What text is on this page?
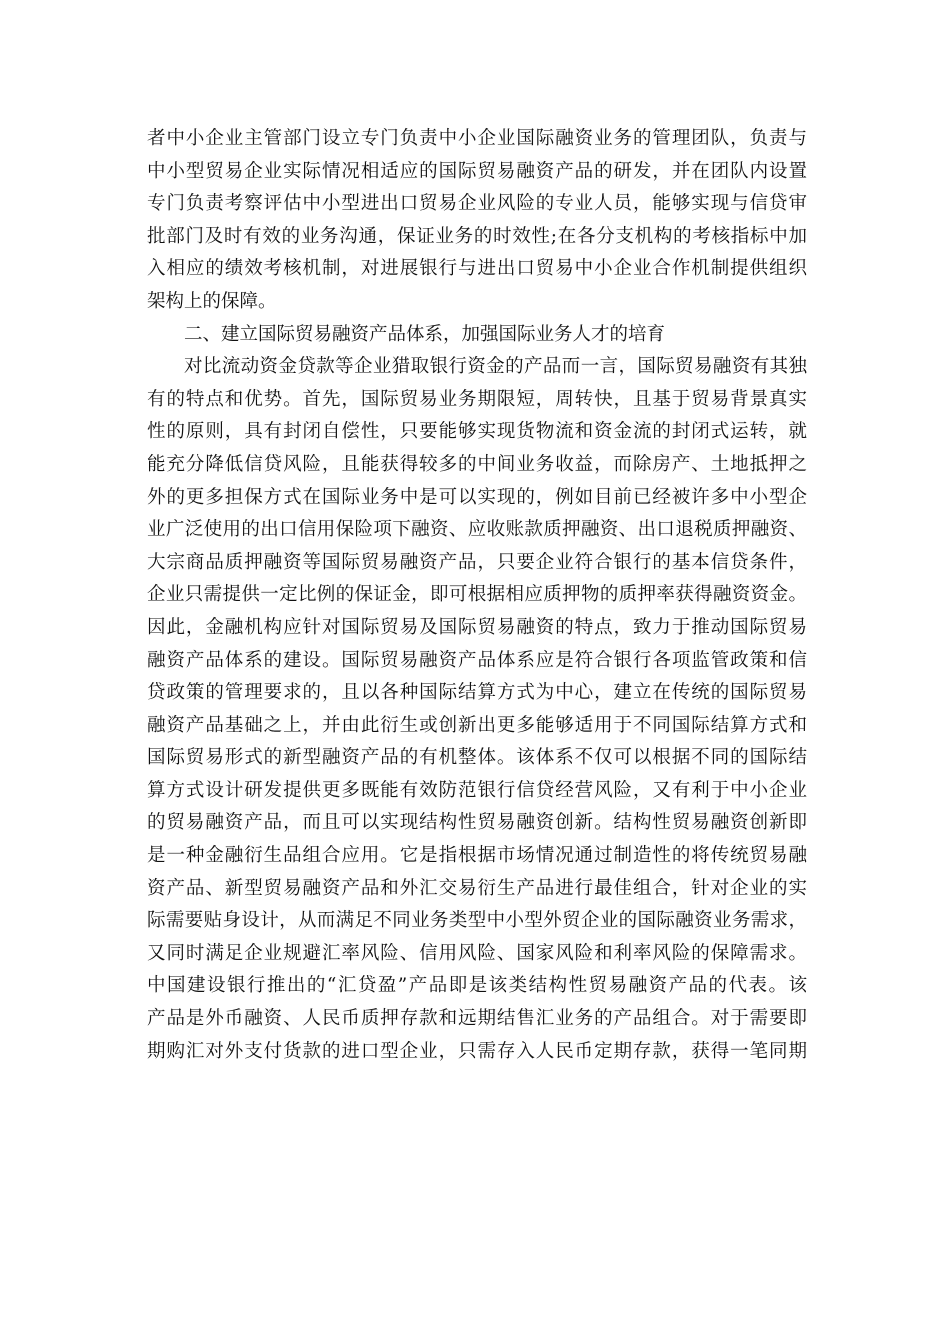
者中小企业主管部门设立专门负责中小企业国际融资业务的管理团队，负责与
中小型贸易企业实际情况相适应的国际贸易融资产品的研发，并在团队内设置
专门负责考察评估中小型进出口贸易企业风险的专业人员，能够实现与信贷审
批部门及时有效的业务沟通，保证业务的时效性;在各分支机构的考核指标中加
入相应的绩效考核机制，对进展银行与进出口贸易中小企业合作机制提供组织
架构上的保障。
二、建立国际贸易融资产品体系，加强国际业务人才的培育
对比流动资金贷款等企业猎取银行资金的产品而一言，国际贸易融资有其独
有的特点和优势。首先，国际贸易业务期限短，周转快，且基于贸易背景真实
性的原则，具有封闭自偿性，只要能够实现货物流和资金流的封闭式运转，就
能充分降低信贷风险，且能获得较多的中间业务收益，而除房产、土地抵押之
外的更多担保方式在国际业务中是可以实现的，例如目前已经被许多中小型企
业广泛使用的出口信用保险项下融资、应收账款质押融资、出口退税质押融资、
大宗商品质押融资等国际贸易融资产品，只要企业符合银行的基本信贷条件，
企业只需提供一定比例的保证金，即可根据相应质押物的质押率获得融资资金。
因此，金融机构应针对国际贸易及国际贸易融资的特点，致力于推动国际贸易
融资产品体系的建设。国际贸易融资产品体系应是符合银行各项监管政策和信
贷政策的管理要求的，且以各种国际结算方式为中心，建立在传统的国际贸易
融资产品基础之上，并由此衍生或创新出更多能够适用于不同国际结算方式和
国际贸易形式的新型融资产品的有机整体。该体系不仅可以根据不同的国际结
算方式设计研发提供更多既能有效防范银行信贷经营风险，又有利于中小企业
的贸易融资产品，而且可以实现结构性贸易融资创新。结构性贸易融资创新即
是一种金融衍生品组合应用。它是指根据市场情况通过制造性的将传统贸易融
资产品、新型贸易融资产品和外汇交易衍生产品进行最佳组合，针对企业的实
际需要贴身设计，从而满足不同业务类型中小型外贸企业的国际融资业务需求，
又同时满足企业规避汇率风险、信用风险、国家风险和利率风险的保障需求。
中国建设银行推出的“汇贷盈”产品即是该类结构性贸易融资产品的代表。该
产品是外币融资、人民币质押存款和远期结售汇业务的产品组合。对于需要即
期购汇对外支付货款的进口型企业，只需存入人民币定期存款，获得一笔同期
